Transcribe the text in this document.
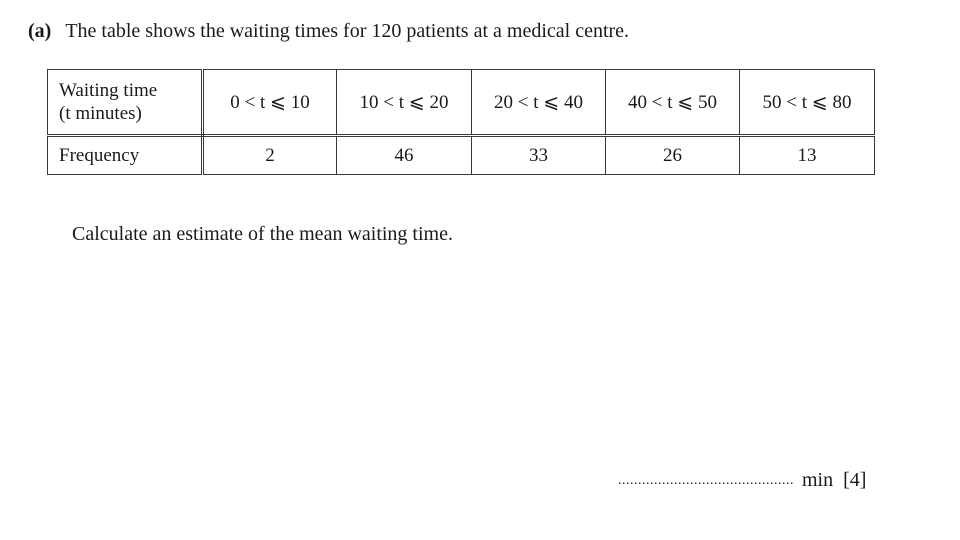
(a) The table shows the waiting times for 120 patients at a medical centre.
Waiting time
(t minutes)	0 < t ⩽ 10	10 < t ⩽ 20	20 < t ⩽ 40	40 < t ⩽ 50	50 < t ⩽ 80
Frequency	2	46	33	26	13
Calculate an estimate of the mean waiting time.
............................................ min [4]
